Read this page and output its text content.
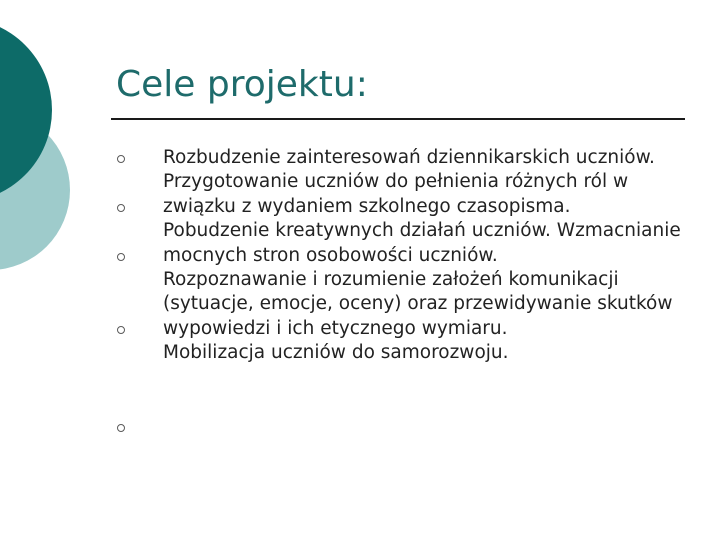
Cele projektu:

Rozbudzenie zainteresowań dziennikarskich uczniów.

Przygotowanie uczniów do pełnienia różnych ról w związku z wydaniem szkolnego czasopisma.

Pobudzenie kreatywnych działań uczniów. Wzmacnianie mocnych stron osobowości uczniów.

Rozpoznawanie i rozumienie założeń komunikacji (sytuacje, emocje, oceny) oraz przewidywanie skutków wypowiedzi i ich etycznego wymiaru.

Mobilizacja uczniów do samorozwoju.
